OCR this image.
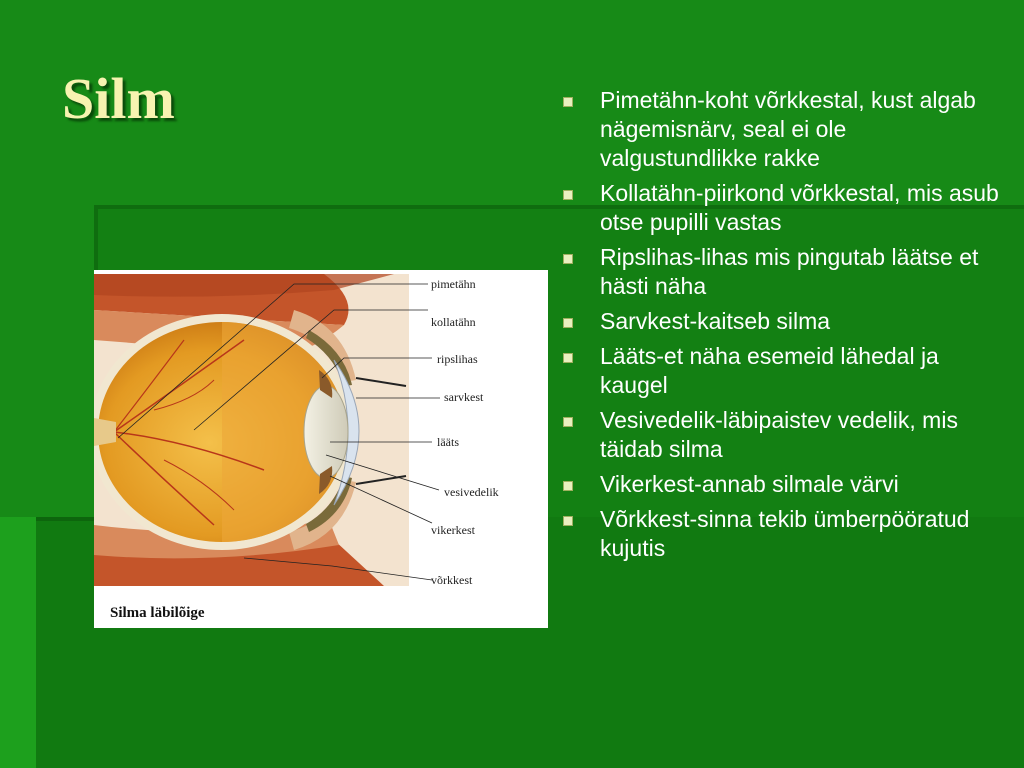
Silm
pimetähn
kollatähn
ripslihas
sarvkest
lääts
vesivedelik
vikerkest
võrkkest
Silma läbilõige
Pimetähn-koht võrkkestal, kust algab nägemisnärv, seal ei ole valgustundlikke rakke
Kollatähn-piirkond võrkkestal, mis asub otse pupilli vastas
Ripslihas-lihas mis pingutab läätse et hästi näha
Sarvkest-kaitseb silma
Lääts-et näha esemeid lähedal ja kaugel
Vesivedelik-läbipaistev vedelik, mis täidab silma
Vikerkest-annab silmale värvi
Võrkkest-sinna tekib ümberpööratud kujutis
